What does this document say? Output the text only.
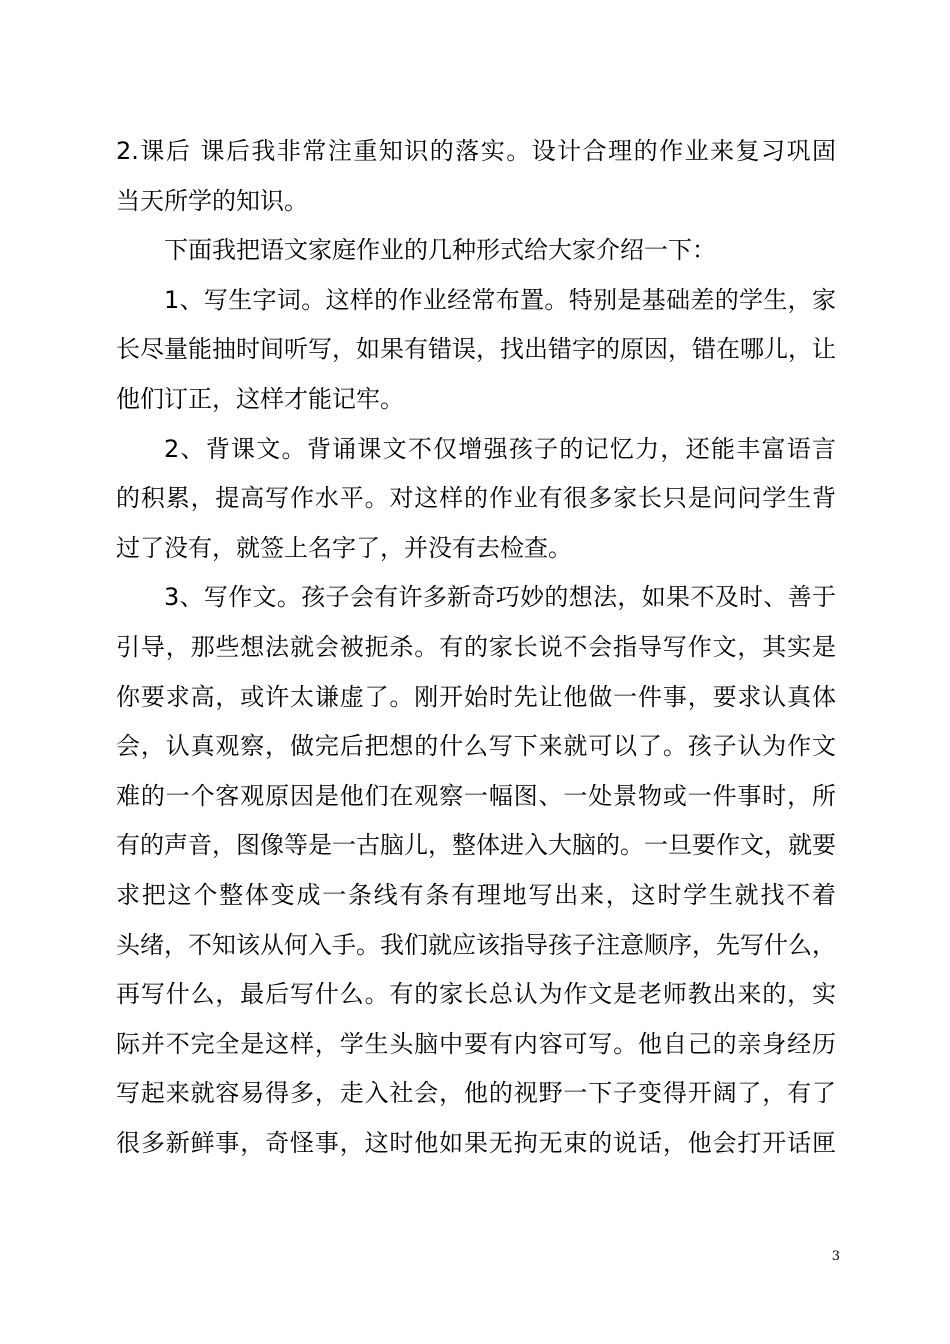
2.课后 课后我非常注重知识的落实。设计合理的作业来复习巩固
当天所学的知识。
下面我把语文家庭作业的几种形式给大家介绍一下：
1、写生字词。这样的作业经常布置。特别是基础差的学生，家
长尽量能抽时间听写，如果有错误，找出错字的原因，错在哪儿，让
他们订正，这样才能记牢。
2、背课文。背诵课文不仅增强孩子的记忆力，还能丰富语言
的积累，提高写作水平。对这样的作业有很多家长只是问问学生背
过了没有，就签上名字了，并没有去检查。
3、写作文。孩子会有许多新奇巧妙的想法，如果不及时、善于
引导，那些想法就会被扼杀。有的家长说不会指导写作文，其实是
你要求高，或许太谦虚了。刚开始时先让他做一件事，要求认真体
会，认真观察，做完后把想的什么写下来就可以了。孩子认为作文
难的一个客观原因是他们在观察一幅图、一处景物或一件事时，所
有的声音，图像等是一古脑儿，整体进入大脑的。一旦要作文，就要
求把这个整体变成一条线有条有理地写出来，这时学生就找不着
头绪，不知该从何入手。我们就应该指导孩子注意顺序，先写什么，
再写什么，最后写什么。有的家长总认为作文是老师教出来的，实
际并不完全是这样，学生头脑中要有内容可写。他自己的亲身经历
写起来就容易得多，走入社会，他的视野一下子变得开阔了，有了
很多新鲜事，奇怪事，这时他如果无拘无束的说话，他会打开话匣
3
